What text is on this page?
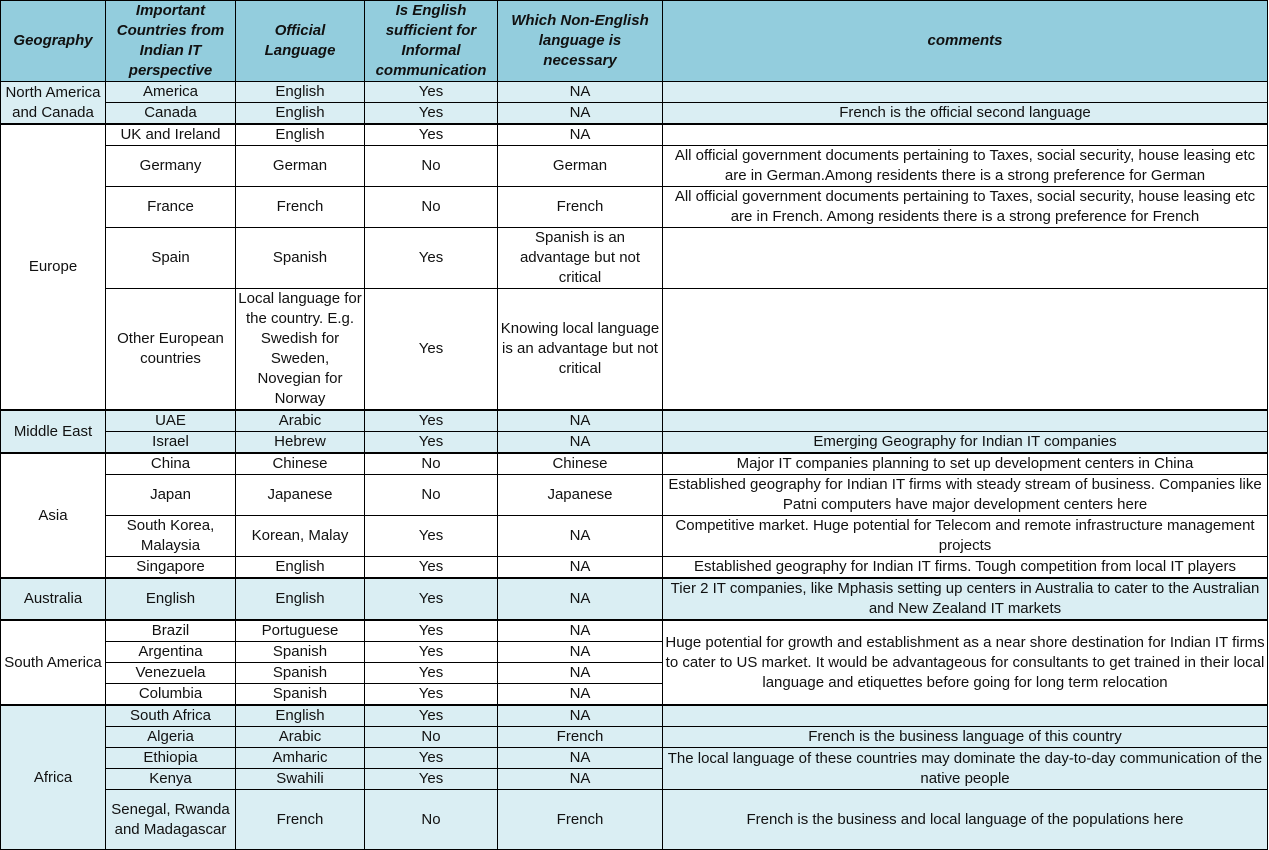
Geography	Important Countries from Indian IT perspective	Official Language	Is English sufficient for Informal communication	Which Non-English language is necessary	comments
North America and Canada	America	English	Yes	NA	
	Canada	English	Yes	NA	French is the official second language
Europe	UK and Ireland	English	Yes	NA	
	Germany	German	No	German	All official government documents pertaining to Taxes, social security, house leasing etc are in German.Among residents there is a strong preference for German
	France	French	No	French	All official government documents pertaining to Taxes, social security, house leasing etc are in French. Among residents there is a strong preference for French
	Spain	Spanish	Yes	Spanish is an advantage but not critical	
	Other European countries	Local language for the country. E.g. Swedish for Sweden, Novegian for Norway	Yes	Knowing local language is an advantage but not critical	
Middle East	UAE	Arabic	Yes	NA	
	Israel	Hebrew	Yes	NA	Emerging Geography for Indian IT companies
Asia	China	Chinese	No	Chinese	Major IT companies planning to set up development centers in China
	Japan	Japanese	No	Japanese	Established geography for Indian IT firms with steady stream of business. Companies like Patni computers have major development centers here
	South Korea, Malaysia	Korean, Malay	Yes	NA	Competitive market. Huge potential for Telecom and remote infrastructure management projects
	Singapore	English	Yes	NA	Established geography for Indian IT firms. Tough competition from local IT players
Australia	English	English	Yes	NA	Tier 2 IT companies, like Mphasis setting up centers in Australia to cater to the Australian and New Zealand IT markets
South America	Brazil	Portuguese	Yes	NA	Huge potential for growth and establishment as a near shore destination for Indian IT firms to cater to US market. It would be advantageous for consultants to get trained in their local language and etiquettes before going for long term relocation
	Argentina	Spanish	Yes	NA	
	Venezuela	Spanish	Yes	NA	
	Columbia	Spanish	Yes	NA	
Africa	South Africa	English	Yes	NA	
	Algeria	Arabic	No	French	French is the business language of this country
	Ethiopia	Amharic	Yes	NA	The local language of these countries may dominate the day-to-day communication of the native people
	Kenya	Swahili	Yes	NA	
	Senegal, Rwanda and Madagascar	French	No	French	French is the business and local language of the populations here
